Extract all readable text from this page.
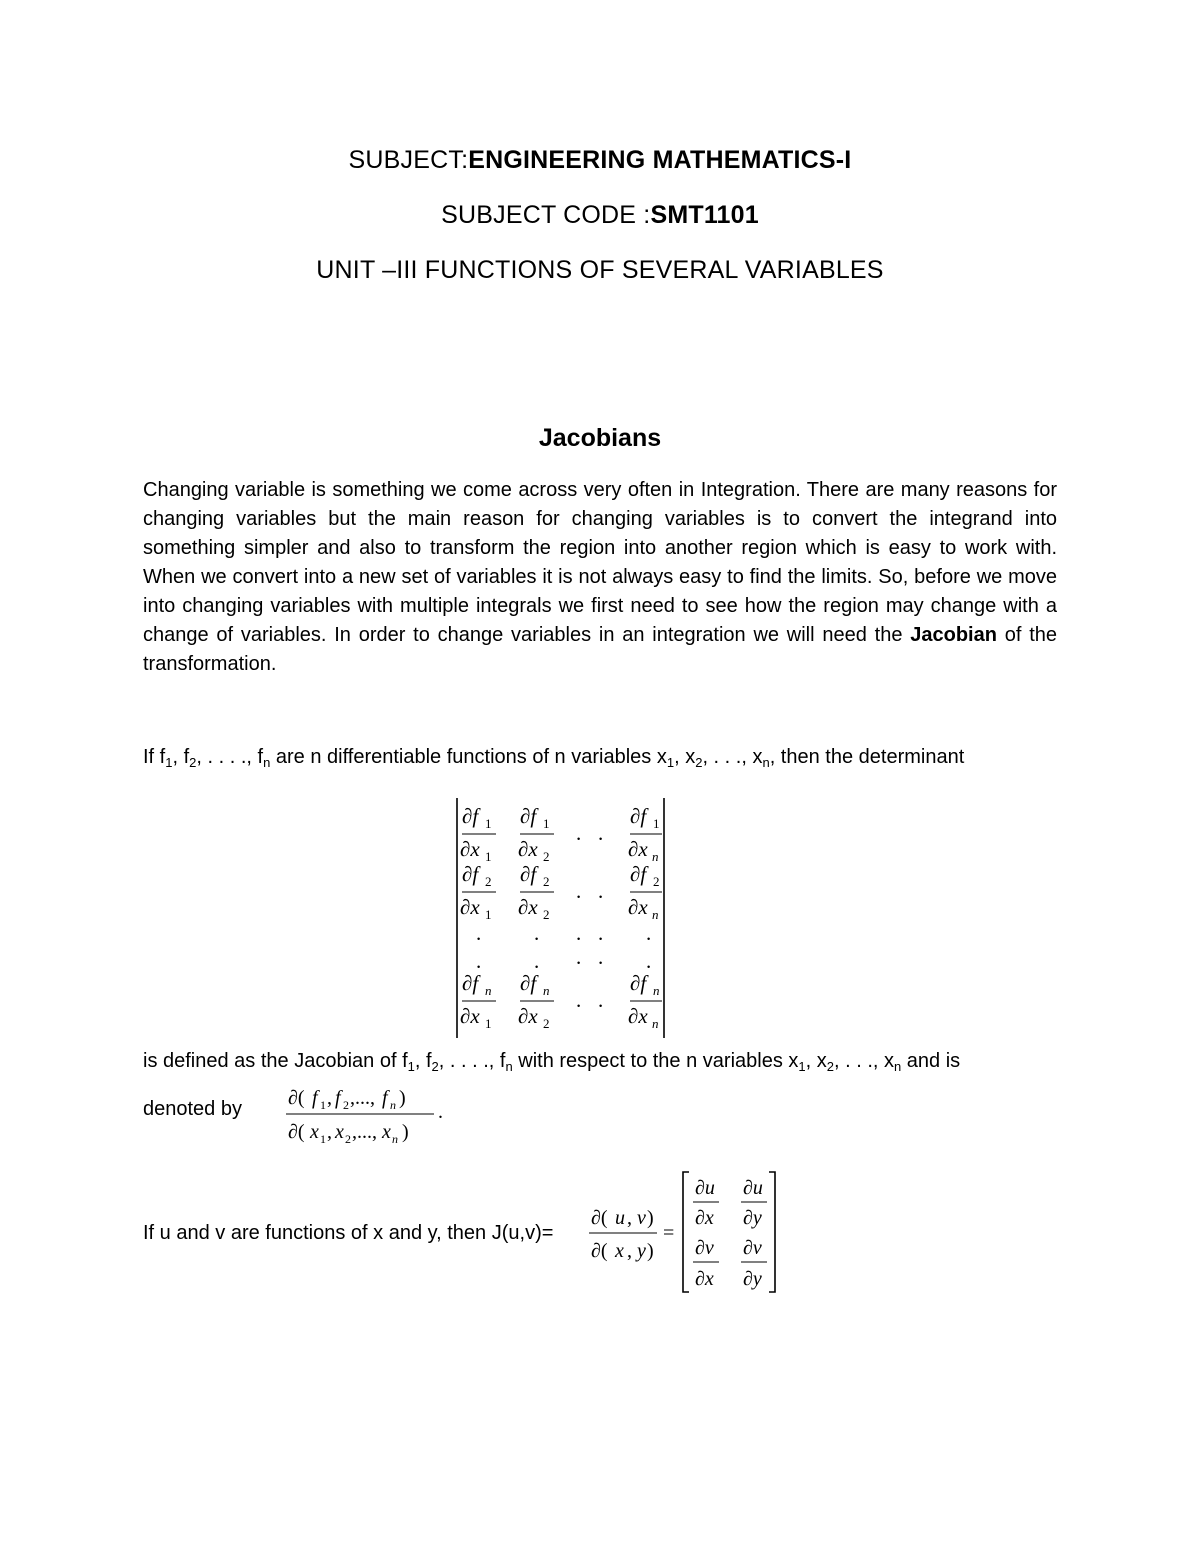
SUBJECT:ENGINEERING MATHEMATICS-I
SUBJECT CODE :SMT1101
UNIT –III FUNCTIONS OF SEVERAL VARIABLES
Jacobians
Changing variable is something we come across very often in Integration. There are many reasons for changing variables but the main reason for changing variables is to convert the integrand into something simpler and also to transform the region into another region which is easy to work with. When we convert into a new set of variables it is not always easy to find the limits. So, before we move into changing variables with multiple integrals we first need to see how the region may change with a change of variables. In order to change variables in an integration we will need the Jacobian of the transformation.
If $f_1$, $f_2$, . . . ., $f_n$ are n differentiable functions of n variables $x_1$, $x_2$, . . ., $x_n$, then the determinant
∂f 1
∂x 1
∂f 1
∂x 2
. .
∂f 1
∂x n
∂f 2
∂x 1
∂f 2
∂x 2
. .
∂f 2
∂x n
.	. . . .
.	. . . .
∂f n
∂x 1
∂f n
∂x 2
. .
∂f n
∂x n
is defined as the Jacobian of $f_1$, $f_2$, . . . ., $f_n$ with respect to the n variables $x_1$, $x_2$, . . ., $x_n$ and is
denoted by ∂( f 1 , f 2 ,..., f n )
∂( x 1 , x 2 ,..., x n )
.
If u and v are functions of x and y, then J(u,v)=
∂( u , v )
∂( x , y )
=
∂u
∂x
∂u
∂y
∂v
∂x
∂v
∂y
